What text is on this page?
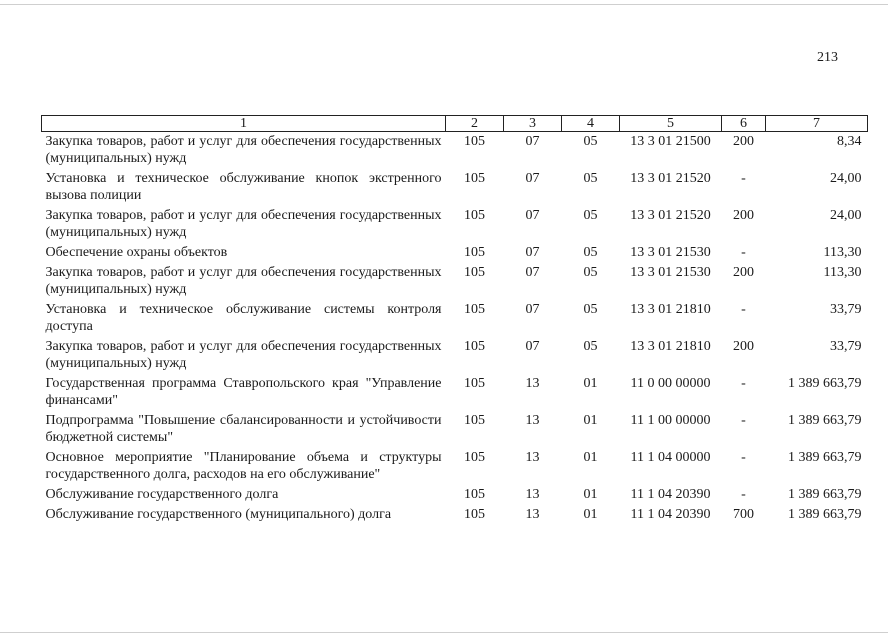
213
1	2	3	4	5	6	7
Закупка товаров, работ и услуг для обеспечения государственных (муниципальных) нужд	105	07	05	13 3 01 21500	200	8,34
Установка и техническое обслуживание кнопок экстренного вызова полиции	105	07	05	13 3 01 21520	-	24,00
Закупка товаров, работ и услуг для обеспечения государственных (муниципальных) нужд	105	07	05	13 3 01 21520	200	24,00
Обеспечение охраны объектов	105	07	05	13 3 01 21530	-	113,30
Закупка товаров, работ и услуг для обеспечения государственных (муниципальных) нужд	105	07	05	13 3 01 21530	200	113,30
Установка и техническое обслуживание системы контроля доступа	105	07	05	13 3 01 21810	-	33,79
Закупка товаров, работ и услуг для обеспечения государственных (муниципальных) нужд	105	07	05	13 3 01 21810	200	33,79
Государственная программа Ставропольского края "Управление финансами"	105	13	01	11 0 00 00000	-	1 389 663,79
Подпрограмма "Повышение сбалансированности и устойчивости бюджетной системы"	105	13	01	11 1 00 00000	-	1 389 663,79
Основное мероприятие "Планирование объема и структуры государственного долга, расходов на его обслуживание"	105	13	01	11 1 04 00000	-	1 389 663,79
Обслуживание государственного долга	105	13	01	11 1 04 20390	-	1 389 663,79
Обслуживание государственного (муниципального) долга	105	13	01	11 1 04 20390	700	1 389 663,79
